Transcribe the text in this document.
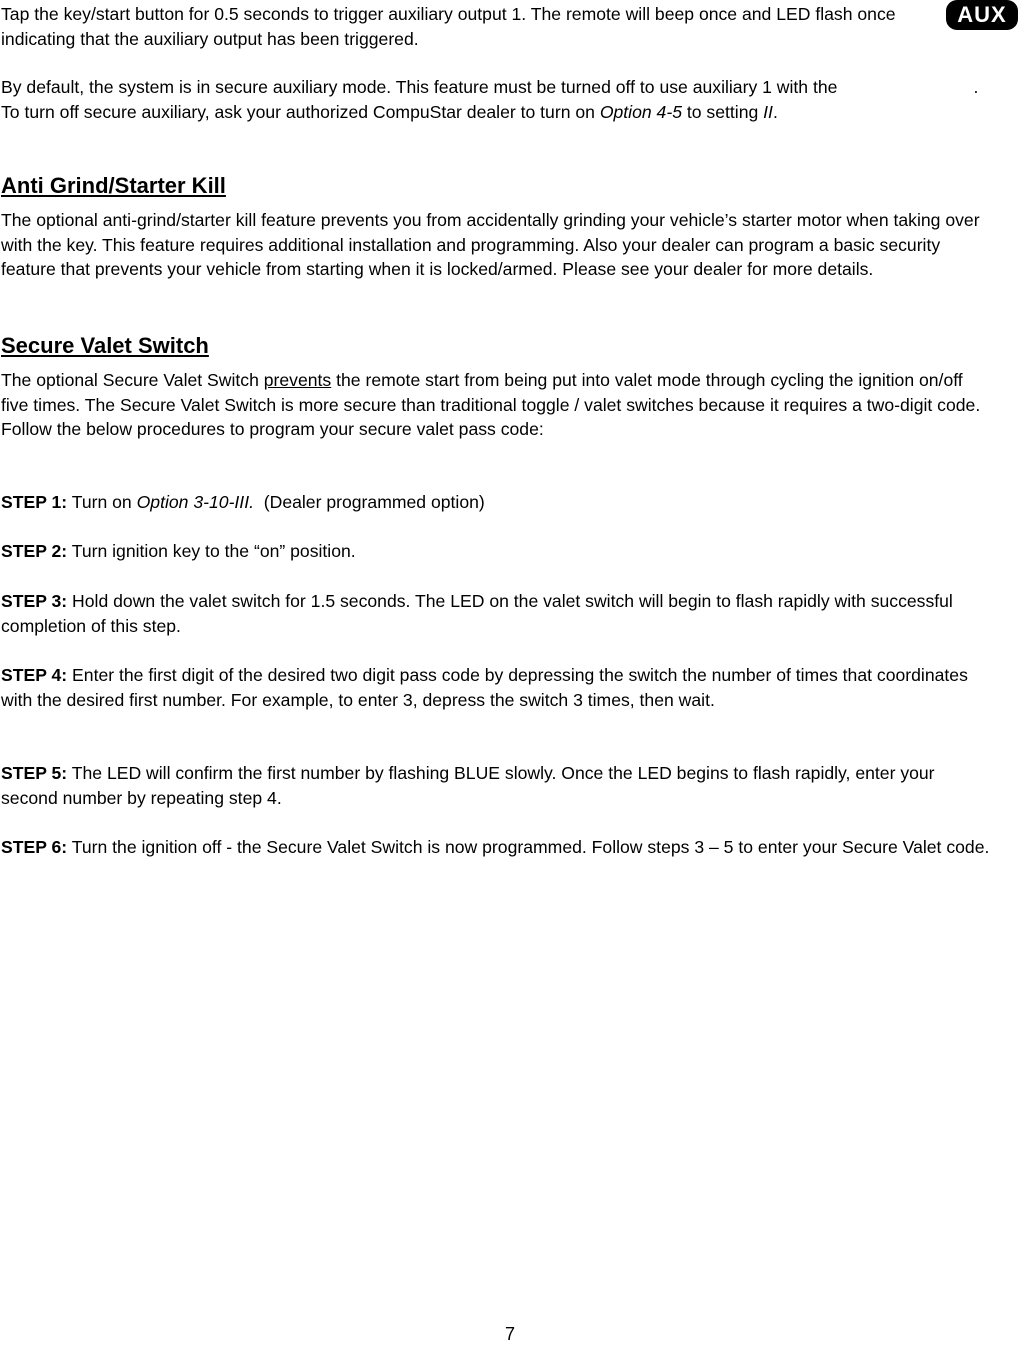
AUX

Tap the key/start button for 0.5 seconds to trigger auxiliary output 1. The remote will beep once and LED flash once indicating that the auxiliary output has been triggered.

By default, the system is in secure auxiliary mode. This feature must be turned off to use auxiliary 1 with the	. To turn off secure auxiliary, ask your authorized CompuStar dealer to turn on Option 4-5 to setting II.

Anti Grind/Starter Kill

The optional anti-grind/starter kill feature prevents you from accidentally grinding your vehicle’s starter motor when taking over with the key. This feature requires additional installation and programming. Also your dealer can program a basic security feature that prevents your vehicle from starting when it is locked/armed. Please see your dealer for more details.

Secure Valet Switch

The optional Secure Valet Switch prevents the remote start from being put into valet mode through cycling the ignition on/off five times. The Secure Valet Switch is more secure than traditional toggle / valet switches because it requires a two-digit code. Follow the below procedures to program your secure valet pass code:

STEP 1: Turn on Option 3-10-III.  (Dealer programmed option)

STEP 2: Turn ignition key to the “on” position.

STEP 3: Hold down the valet switch for 1.5 seconds. The LED on the valet switch will begin to flash rapidly with successful completion of this step.

STEP 4: Enter the first digit of the desired two digit pass code by depressing the switch the number of times that coordinates with the desired first number. For example, to enter 3, depress the switch 3 times, then wait.

STEP 5: The LED will confirm the first number by flashing BLUE slowly. Once the LED begins to flash rapidly, enter your second number by repeating step 4.

STEP 6: Turn the ignition off - the Secure Valet Switch is now programmed. Follow steps 3 – 5 to enter your Secure Valet code.

7
